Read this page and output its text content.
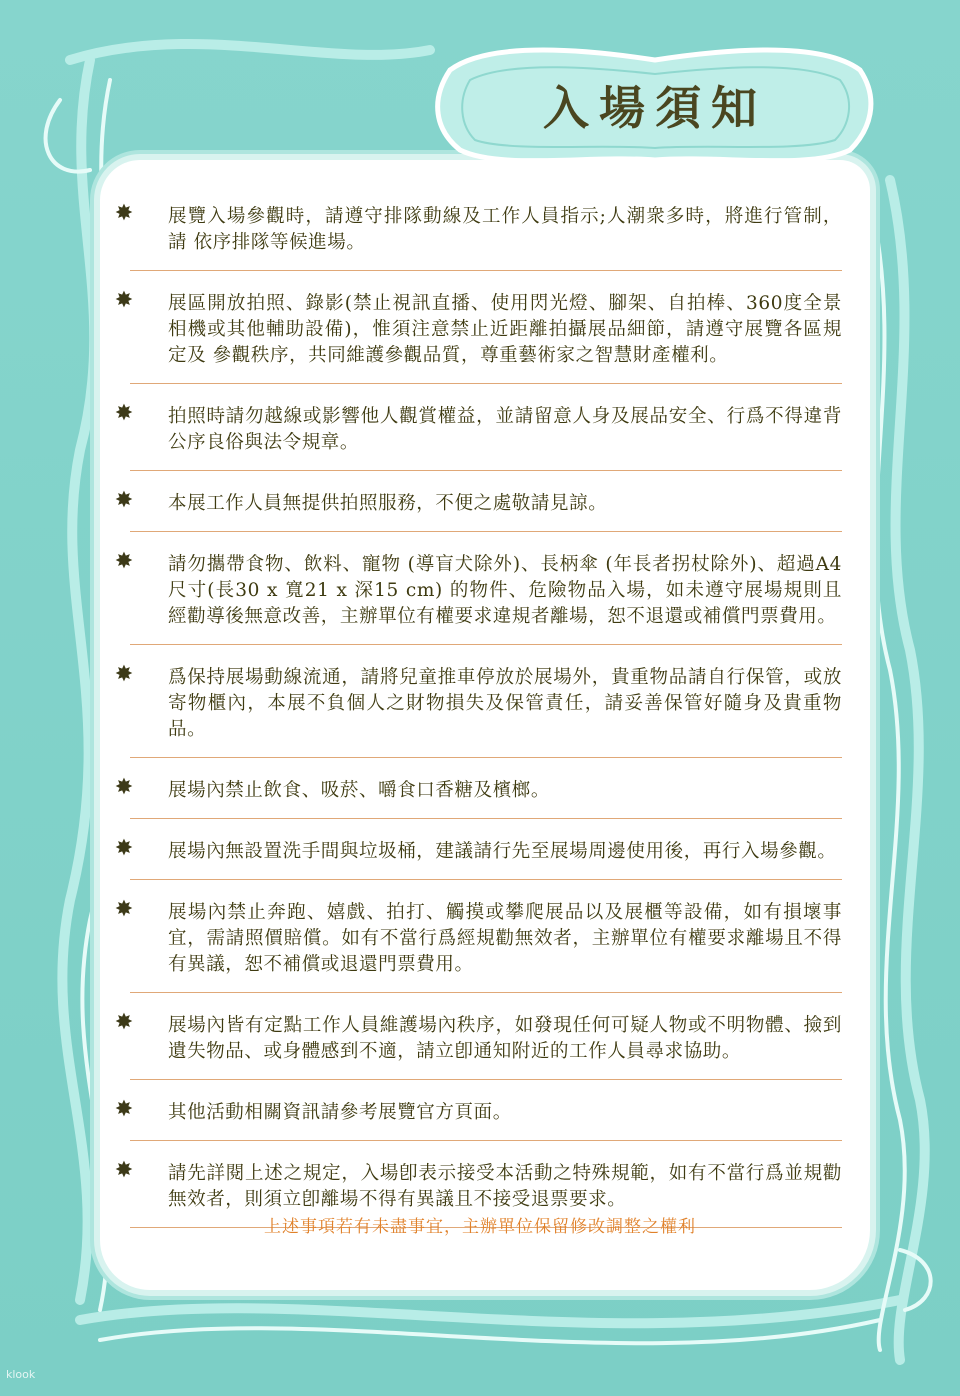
入場須知
✸ 展覽入場參觀時，請遵守排隊動線及工作人員指示;人潮衆多時，將進行管制，請 依序排隊等候進場。
✸ 展區開放拍照、錄影(禁止視訊直播、使用閃光燈、腳架、自拍棒、360度全景相機或其他輔助設備)，惟須注意禁止近距離拍攝展品細節，請遵守展覽各區規定及 參觀秩序，共同維護參觀品質，尊重藝術家之智慧財產權利。
✸ 拍照時請勿越線或影響他人觀賞權益，並請留意人身及展品安全、行爲不得違背公序良俗與法令規章。
✸ 本展工作人員無提供拍照服務，不便之處敬請見諒。
✸ 請勿攜帶食物、飲料、寵物 (導盲犬除外)、長柄傘 (年長者拐杖除外)、超過A4尺寸(長30 x 寬21 x 深15 cm) 的物件、危險物品入場，如未遵守展場規則且經勸導後無意改善，主辦單位有權要求違規者離場，恕不退還或補償門票費用。
✸ 爲保持展場動線流通，請將兒童推車停放於展場外，貴重物品請自行保管，或放寄物櫃內，本展不負個人之財物損失及保管責任，請妥善保管好隨身及貴重物品。
✸ 展場內禁止飲食、吸菸、嚼食口香糖及檳榔。
✸ 展場內無設置洗手間與垃圾桶，建議請行先至展場周邊使用後，再行入場參觀。
✸ 展場內禁止奔跑、嬉戲、拍打、觸摸或攀爬展品以及展櫃等設備，如有損壞事宜，需請照價賠償。如有不當行爲經規勸無效者，主辦單位有權要求離場且不得有異議，恕不補償或退還門票費用。
✸ 展場內皆有定點工作人員維護場內秩序，如發現任何可疑人物或不明物體、撿到遺失物品、或身體感到不適，請立卽通知附近的工作人員尋求協助。
✸ 其他活動相關資訊請參考展覽官方頁面。
✸ 請先詳閱上述之規定，入場卽表示接受本活動之特殊規範，如有不當行爲並規勸無效者，則須立卽離場不得有異議且不接受退票要求。
上述事項若有未盡事宜，主辦單位保留修改調整之權利
klook
